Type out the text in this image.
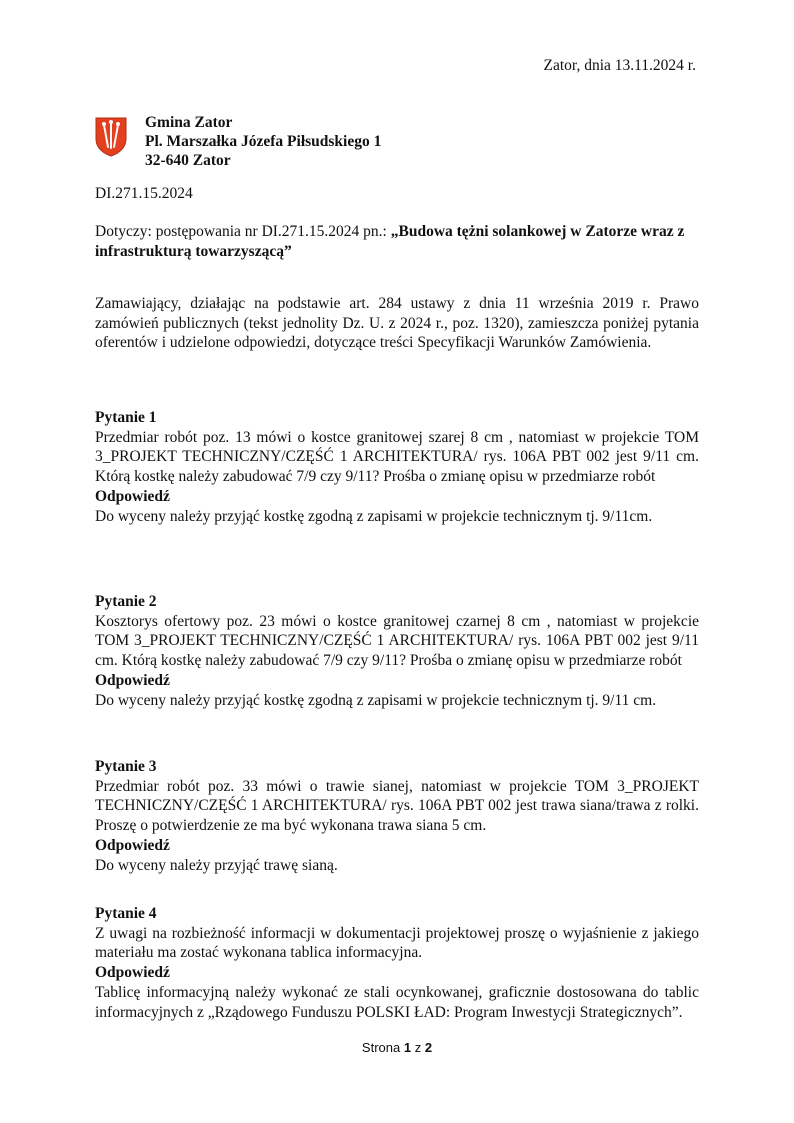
Zator, dnia 13.11.2024 r.
Gmina Zator
Pl. Marszałka Józefa Piłsudskiego 1
32-640 Zator
DI.271.15.2024
Dotyczy: postępowania nr DI.271.15.2024 pn.: „Budowa tężni solankowej w Zatorze wraz z infrastrukturą towarzyszącą”
Zamawiający, działając na podstawie art. 284 ustawy z dnia 11 września 2019 r. Prawo zamówień publicznych (tekst jednolity Dz. U. z 2024 r., poz. 1320), zamieszcza poniżej pytania oferentów i udzielone odpowiedzi, dotyczące treści Specyfikacji Warunków Zamówienia.
Pytanie 1
Przedmiar robót poz. 13 mówi o kostce granitowej szarej 8 cm , natomiast w projekcie TOM 3_PROJEKT TECHNICZNY/CZĘŚĆ 1 ARCHITEKTURA/ rys. 106A PBT 002 jest 9/11 cm. Którą kostkę należy zabudować 7/9 czy 9/11? Prośba o zmianę opisu w przedmiarze robót
Odpowiedź
Do wyceny należy przyjąć kostkę zgodną z zapisami w projekcie technicznym tj. 9/11cm.
Pytanie 2
Kosztorys ofertowy poz. 23 mówi o kostce granitowej czarnej 8 cm , natomiast w projekcie TOM 3_PROJEKT TECHNICZNY/CZĘŚĆ 1 ARCHITEKTURA/ rys. 106A PBT 002 jest 9/11 cm. Którą kostkę należy zabudować 7/9 czy 9/11? Prośba o zmianę opisu w przedmiarze robót
Odpowiedź
Do wyceny należy przyjąć kostkę zgodną z zapisami w projekcie technicznym tj. 9/11 cm.
Pytanie 3
Przedmiar robót poz. 33 mówi o trawie sianej, natomiast w projekcie TOM 3_PROJEKT TECHNICZNY/CZĘŚĆ 1 ARCHITEKTURA/ rys. 106A PBT 002 jest trawa siana/trawa z rolki. Proszę o potwierdzenie ze ma być wykonana trawa siana 5 cm.
Odpowiedź
Do wyceny należy przyjąć trawę sianą.
Pytanie 4
Z uwagi na rozbieżność informacji w dokumentacji projektowej proszę o wyjaśnienie z jakiego materiału ma zostać wykonana tablica informacyjna.
Odpowiedź
Tablicę informacyjną należy wykonać ze stali ocynkowanej, graficznie dostosowana do tablic informacyjnych z „Rządowego Funduszu POLSKI ŁAD: Program Inwestycji Strategicznych”.
Strona 1 z 2
